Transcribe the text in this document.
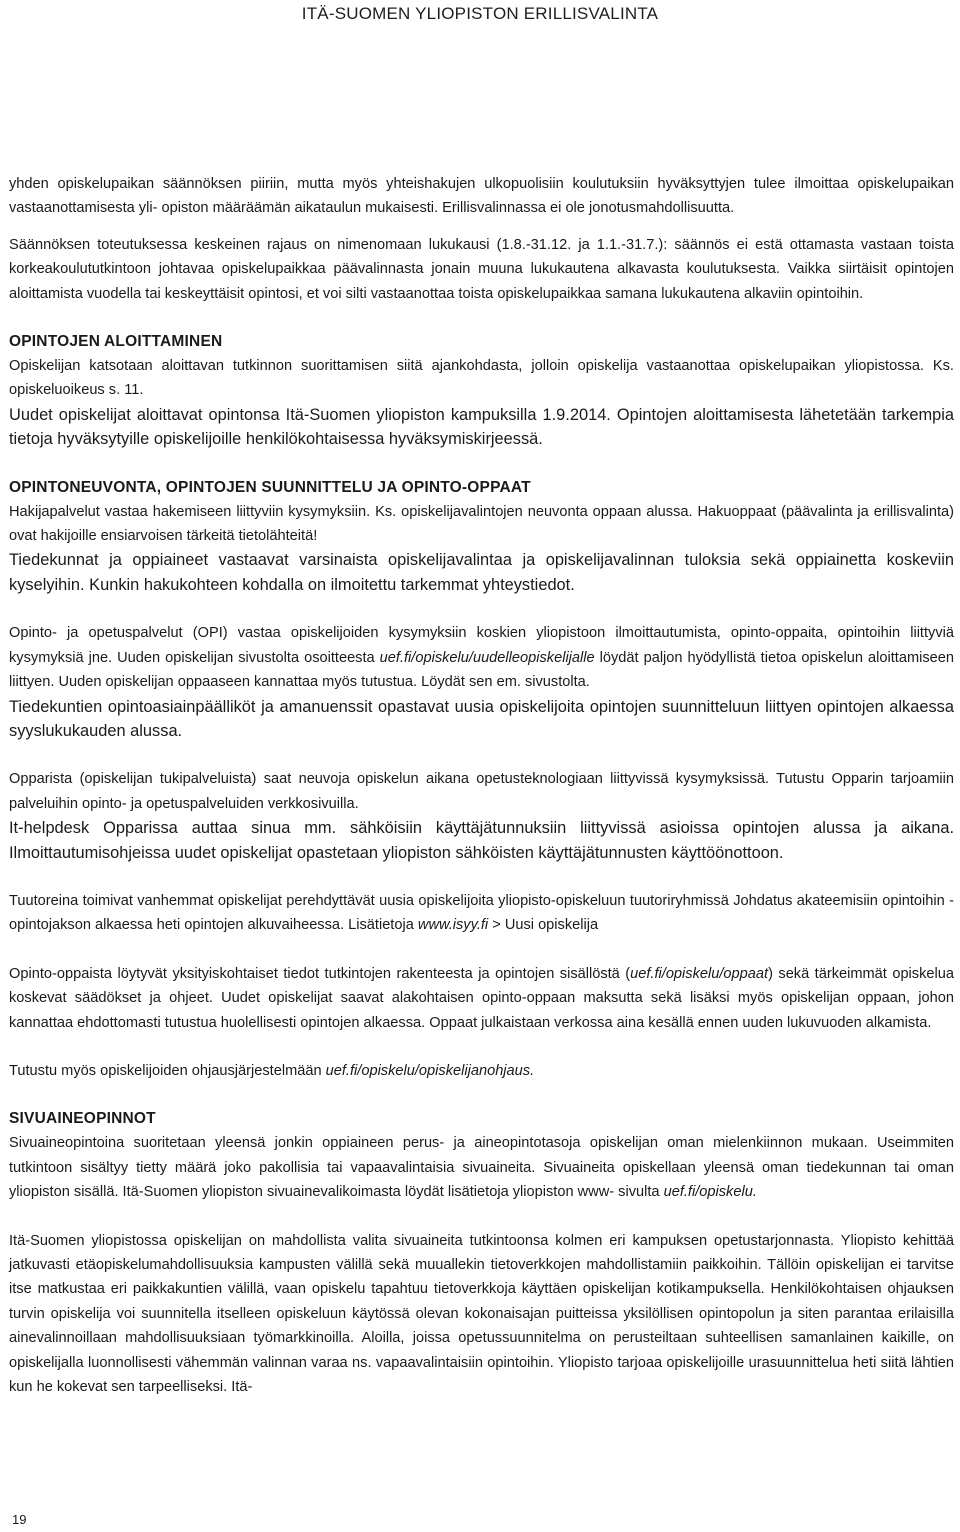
ITÄ-SUOMEN YLIOPISTON ERILLISVALINTA

yhden opiskelupaikan säännöksen piiriin, mutta myös yhteishakujen ulkopuolisiin koulutuksiin hyväksyttyjen tulee ilmoittaa opiskelupaikan vastaanottamisesta yli- opiston määräämän aikataulun mukaisesti. Erillisvalinnassa ei ole jonotusmahdollisuutta.

Säännöksen toteutuksessa keskeinen rajaus on nimenomaan lukukausi (1.8.-31.12. ja 1.1.-31.7.): säännös ei estä ottamasta vastaan toista korkeakoulututkintoon johtavaa opiskelupaikkaa päävalinnasta jonain muuna lukukautena alkavasta koulutuksesta. Vaikka siirtäisit opintojen aloittamista vuodella tai keskeyttäisit opintosi, et voi silti vastaanottaa toista opiskelupaikkaa samana lukukautena alkaviin opintoihin.

OPINTOJEN ALOITTAMINEN

Opiskelijan katsotaan aloittavan tutkinnon suorittamisen siitä ajankohdasta, jolloin opiskelija vastaanottaa opiskelupaikan yliopistossa. Ks. opiskeluoikeus s. 11.

Uudet opiskelijat aloittavat opintonsa Itä-Suomen yliopiston kampuksilla 1.9.2014. Opintojen aloittamisesta lähetetään tarkempia tietoja hyväksytyille opiskelijoille henkilökohtaisessa hyväksymiskirjeessä.

OPINTONEUVONTA, OPINTOJEN SUUNNITTELU JA OPINTO-OPPAAT

Hakijapalvelut vastaa hakemiseen liittyviin kysymyksiin. Ks. opiskelijavalintojen neuvonta oppaan alussa. Hakuoppaat (päävalinta ja erillisvalinta) ovat hakijoille ensiarvoisen tärkeitä tietolähteitä!

Tiedekunnat ja oppiaineet vastaavat varsinaista opiskelijavalintaa ja opiskelijavalinnan tuloksia sekä oppiainetta koskeviin kyselyihin. Kunkin hakukohteen kohdalla on ilmoitettu tarkemmat yhteystiedot.

Opinto- ja opetuspalvelut (OPI) vastaa opiskelijoiden kysymyksiin koskien yliopistoon ilmoittautumista, opinto-oppaita, opintoihin liittyviä kysymyksiä jne. Uuden opiskelijan sivustolta osoitteesta uef.fi/opiskelu/uudelleopiskelijalle löydät paljon hyödyllistä tietoa opiskelun aloittamiseen liittyen. Uuden opiskelijan oppaaseen kannattaa myös tutustua. Löydät sen em. sivustolta.

Tiedekuntien opintoasiainpäälliköt ja amanuenssit opastavat uusia opiskelijoita opintojen suunnitteluun liittyen opintojen alkaessa syyslukukauden alussa.

Opparista (opiskelijan tukipalveluista) saat neuvoja opiskelun aikana opetusteknologiaan liittyvissä kysymyksissä. Tutustu Opparin tarjoamiin palveluihin opinto- ja opetuspalveluiden verkkosivuilla.

It-helpdesk Opparissa auttaa sinua mm. sähköisiin käyttäjätunnuksiin liittyvissä asioissa opintojen alussa ja aikana. Ilmoittautumisohjeissa uudet opiskelijat opastetaan yliopiston sähköisten käyttäjätunnusten käyttöönottoon.

Tuutoreina toimivat vanhemmat opiskelijat perehdyttävät uusia opiskelijoita yliopisto-opiskeluun tuutoriryhmissä Johdatus akateemisiin opintoihin -opintojakson alkaessa heti opintojen alkuvaiheessa. Lisätietoja www.isyy.fi > Uusi opiskelija

Opinto-oppaista löytyvät yksityiskohtaiset tiedot tutkintojen rakenteesta ja opintojen sisällöstä (uef.fi/opiskelu/oppaat) sekä tärkeimmät opiskelua koskevat säädökset ja ohjeet. Uudet opiskelijat saavat alakohtaisen opinto-oppaan maksutta sekä lisäksi myös opiskelijan oppaan, johon kannattaa ehdottomasti tutustua huolellisesti opintojen alkaessa. Oppaat julkaistaan verkossa aina kesällä ennen uuden lukuvuoden alkamista.

Tutustu myös opiskelijoiden ohjausjärjestelmään uef.fi/opiskelu/opiskelijanohjaus.

SIVUAINEOPINNOT

Sivuaineopintoina suoritetaan yleensä jonkin oppiaineen perus- ja aineopintotasoja opiskelijan oman mielenkiinnon mukaan. Useimmiten tutkintoon sisältyy tietty määrä joko pakollisia tai vapaavalintaisia sivuaineita. Sivuaineita opiskellaan yleensä oman tiedekunnan tai oman yliopiston sisällä. Itä-Suomen yliopiston sivuainevalikoimasta löydät lisätietoja yliopiston www- sivulta uef.fi/opiskelu.

Itä-Suomen yliopistossa opiskelijan on mahdollista valita sivuaineita tutkintoonsa kolmen eri kampuksen opetustarjonnasta. Yliopisto kehittää jatkuvasti etäopiskelumahdollisuuksia kampusten välillä sekä muuallekin tietoverkkojen mahdollistamiin paikkoihin. Tällöin opiskelijan ei tarvitse itse matkustaa eri paikkakuntien välillä, vaan opiskelu tapahtuu tietoverkkoja käyttäen opiskelijan kotikampuksella. Henkilökohtaisen ohjauksen turvin opiskelija voi suunnitella itselleen opiskeluun käytössä olevan kokonaisajan puitteissa yksilöllisen opintopolun ja siten parantaa erilaisilla ainevalinnoillaan mahdollisuuksiaan työmarkkinoilla. Aloilla, joissa opetussuunnitelma on perusteiltaan suhteellisen samanlainen kaikille, on opiskelijalla luonnollisesti vähemmän valinnan varaa ns. vapaavalintaisiin opintoihin. Yliopisto tarjoaa opiskelijoille urasuunnittelua heti siitä lähtien kun he kokevat sen tarpeelliseksi. Itä-

19
